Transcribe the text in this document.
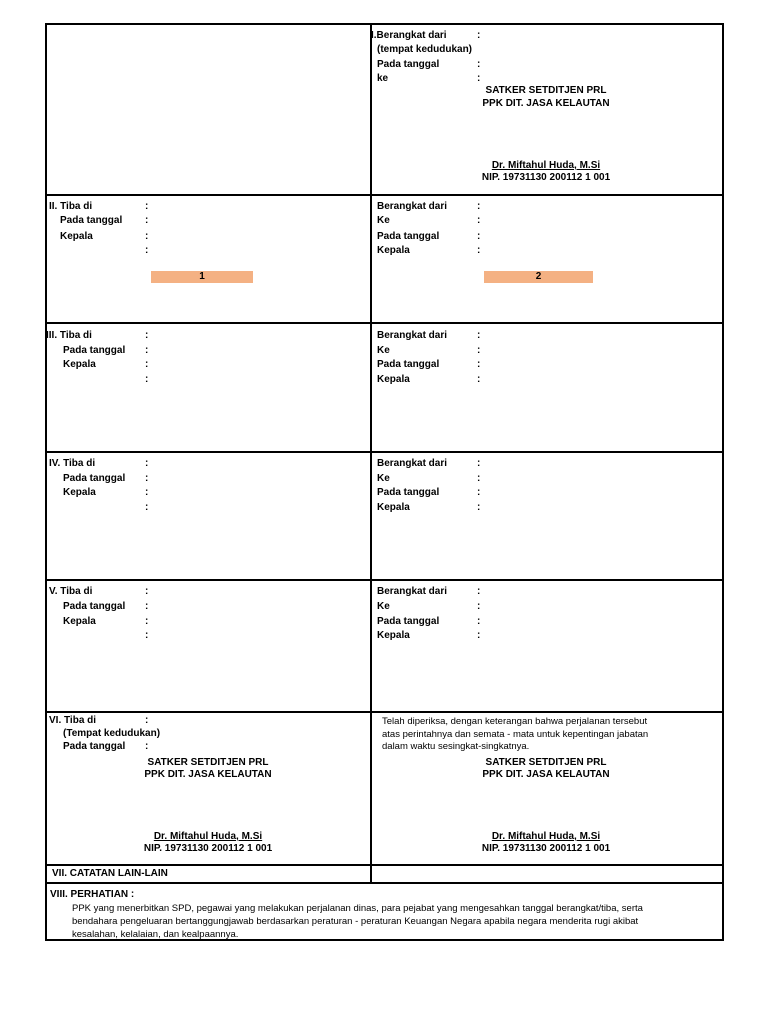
I.Berangkat dari	:
(tempat kedudukan)
Pada tanggal	:
ke	:
SATKER SETDITJEN PRL
PPK DIT. JASA KELAUTAN
Dr. Miftahul Huda, M.Si
NIP. 19731130 200112 1 001
II. Tiba di	:
Pada tanggal :
Kepala	:
:
1
Berangkat dari	:
Ke	:
Pada tanggal	:
Kepala	:
2
III. Tiba di	:
Pada tanggal :
Kepala	:
:
Berangkat dari	:
Ke	:
Pada tanggal	:
Kepala	:
IV. Tiba di	:
Pada tanggal :
Kepala	:
:
Berangkat dari	:
Ke	:
Pada tanggal	:
Kepala	:
V. Tiba di	:
Pada tanggal :
Kepala	:
:
Berangkat dari	:
Ke	:
Pada tanggal	:
Kepala	:
VI. Tiba di	:
(Tempat kedudukan)
Pada tanggal :
SATKER SETDITJEN PRL
PPK DIT. JASA KELAUTAN
Dr. Miftahul Huda, M.Si
NIP. 19731130 200112 1 001
Telah diperiksa, dengan keterangan bahwa perjalanan tersebut
atas perintahnya dan semata - mata untuk kepentingan jabatan
dalam waktu sesingkat-singkatnya.
SATKER SETDITJEN PRL
PPK DIT. JASA KELAUTAN
Dr. Miftahul Huda, M.Si
NIP. 19731130 200112 1 001
VII. CATATAN LAIN-LAIN
VIII. PERHATIAN :
PPK yang menerbitkan SPD, pegawai yang melakukan perjalanan dinas, para pejabat yang mengesahkan tanggal berangkat/tiba, serta
bendahara pengeluaran bertanggungjawab berdasarkan peraturan - peraturan Keuangan Negara apabila negara menderita rugi akibat
kesalahan, kelalaian, dan kealpaannya.
